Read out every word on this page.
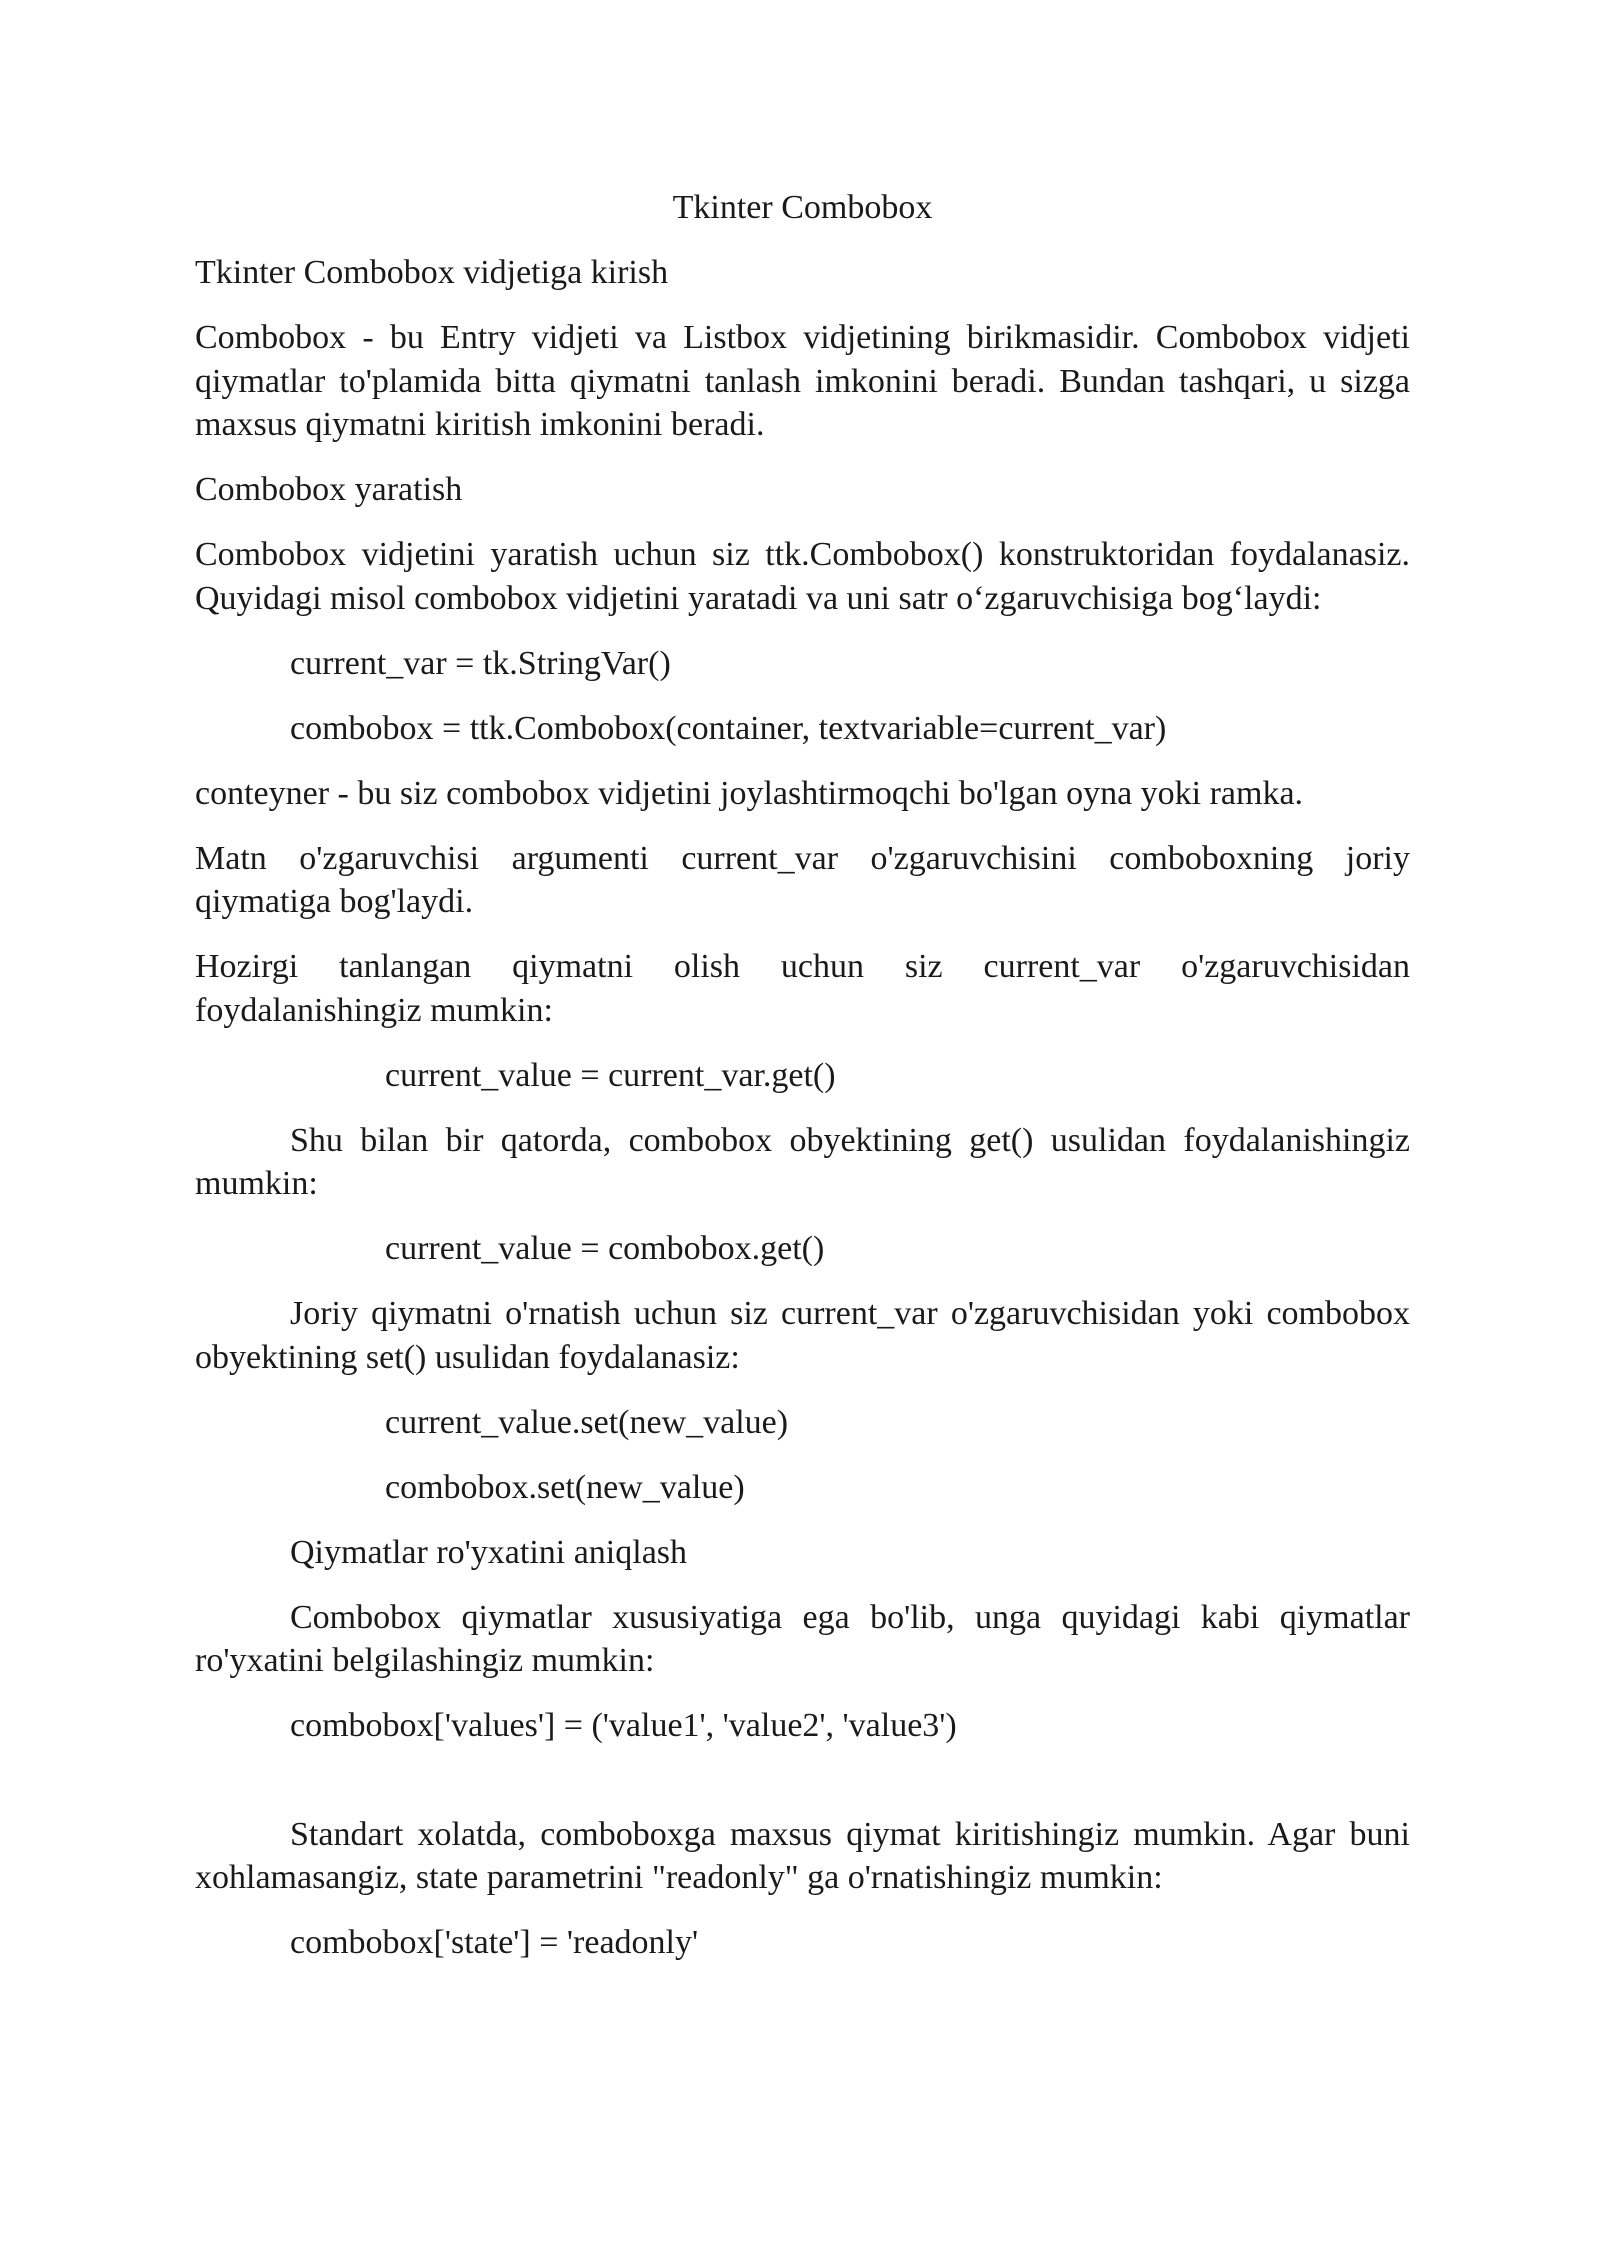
Tkinter Combobox

Tkinter Combobox vidjetiga kirish

Combobox - bu Entry vidjeti va Listbox vidjetining birikmasidir. Combobox vidjeti qiymatlar to'plamida bitta qiymatni tanlash imkonini beradi. Bundan tashqari, u sizga maxsus qiymatni kiritish imkonini beradi.

Combobox yaratish

Combobox vidjetini yaratish uchun siz ttk.Combobox() konstruktoridan foydalanasiz. Quyidagi misol combobox vidjetini yaratadi va uni satr o‘zgaruvchisiga bog‘laydi:

current_var = tk.StringVar()

combobox = ttk.Combobox(container, textvariable=current_var)

conteyner - bu siz combobox vidjetini joylashtirmoqchi bo'lgan oyna yoki ramka.

Matn o'zgaruvchisi argumenti current_var o'zgaruvchisini comboboxning joriy qiymatiga bog'laydi.

Hozirgi tanlangan qiymatni olish uchun siz current_var o'zgaruvchisidan foydalanishingiz mumkin:

current_value = current_var.get()

Shu bilan bir qatorda, combobox obyektining get() usulidan foydalanishingiz mumkin:

current_value = combobox.get()

Joriy qiymatni o'rnatish uchun siz current_var o'zgaruvchisidan yoki combobox obyektining set() usulidan foydalanasiz:

current_value.set(new_value)

combobox.set(new_value)

Qiymatlar ro'yxatini aniqlash

Combobox qiymatlar xususiyatiga ega bo'lib, unga quyidagi kabi qiymatlar ro'yxatini belgilashingiz mumkin:

combobox['values'] = ('value1', 'value2', 'value3')

Standart xolatda, comboboxga maxsus qiymat kiritishingiz mumkin. Agar buni xohlamasangiz, state parametrini "readonly" ga o'rnatishingiz mumkin:

combobox['state'] = 'readonly'
